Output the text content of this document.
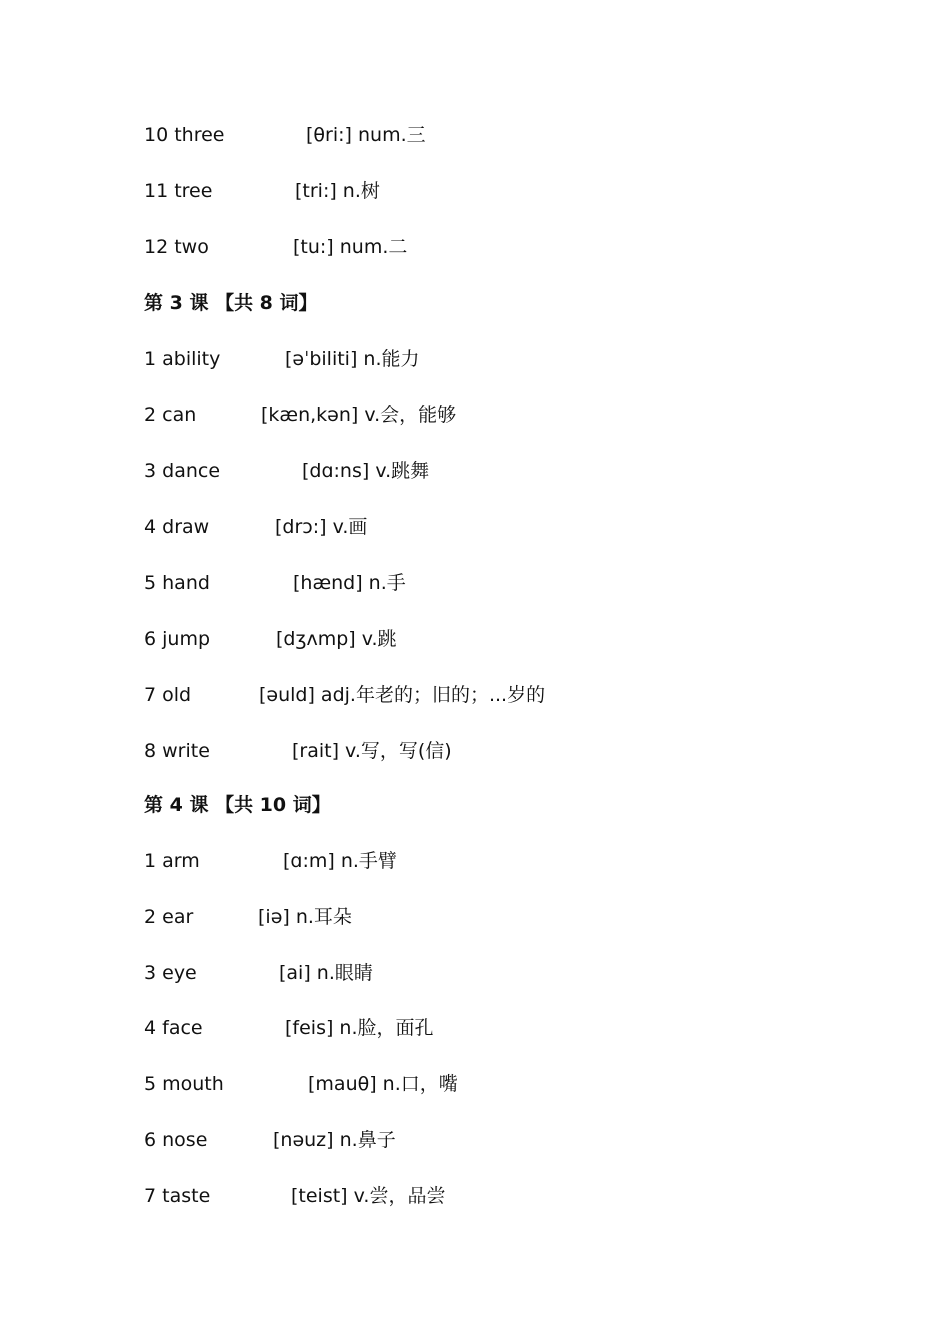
10 three	[θri:] num.三
11 tree	[tri:] n.树
12 two	[tu:] num.二
第 3 课 【共 8 词】
1 ability	[əˈbiliti] n.能力
2 can	[kæn,kən] v.会，能够
3 dance	[dɑ:ns] v.跳舞
4 draw	[drɔ:] v.画
5 hand	[hænd] n.手
6 jump	[dʒʌmp] v.跳
7 old	[əuld] adj.年老的；旧的；...岁的
8 write	[rait] v.写，写(信)
第 4 课 【共 10 词】
1 arm	[ɑ:m] n.手臂
2 ear	[iə] n.耳朵
3 eye	[ai] n.眼睛
4 face	[feis] n.脸，面孔
5 mouth	[mauθ] n.口，嘴
6 nose	[nəuz] n.鼻子
7 taste	[teist] v.尝，品尝
